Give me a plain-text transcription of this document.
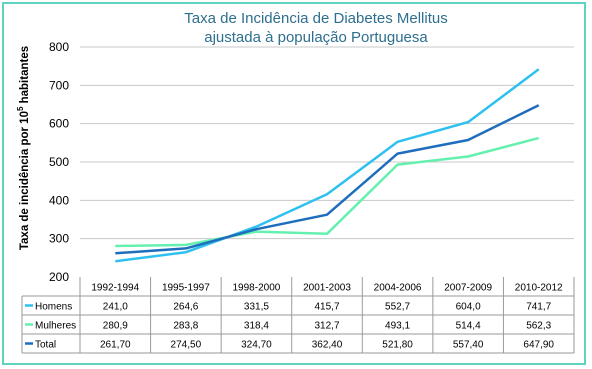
Taxa de Incidência de Diabetes Mellitus
ajustada à população Portuguesa
Taxa de incidência por $10^5$ habitantes
200
300
400
500
600
700
800
1992-1994 1995-1997 1998-2000 2001-2003 2004-2006 2007-2009 2010-2012
Homens	241,0	264,6	331,5	415,7	552,7	604,0	741,7
Mulheres	280,9	283,8	318,4	312,7	493,1	514,4	562,3
Total	261,70	274,50	324,70	362,40	521,80	557,40	647,90
